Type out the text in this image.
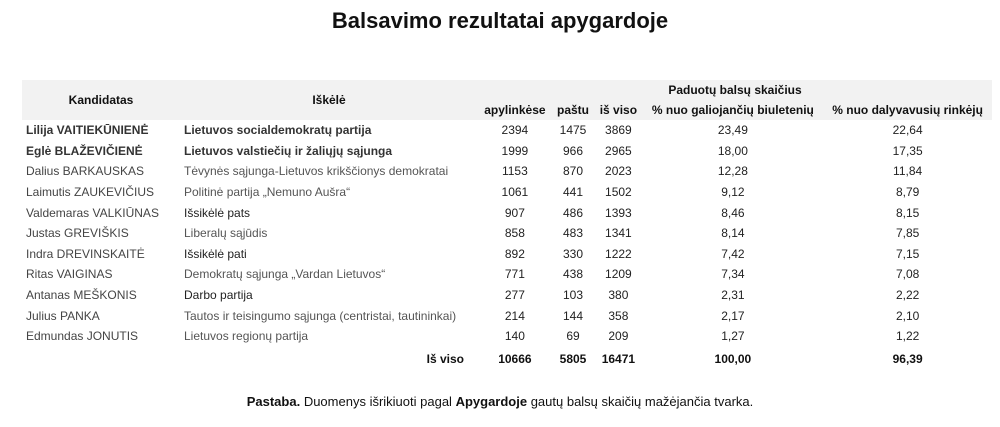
Balsavimo rezultatai apygardoje
Kandidatas	Iškėlė	Paduotų balsų skaičius				
		apylinkėse	paštu	iš viso	% nuo galiojančių biuletenių	% nuo dalyvavusių rinkėjų
Lilija VAITIEKŪNIENĖ	Lietuvos socialdemokratų partija	2394	1475	3869	23,49	22,64
Eglė BLAŽEVIČIENĖ	Lietuvos valstiečių ir žaliųjų sąjunga	1999	966	2965	18,00	17,35
Dalius BARKAUSKAS	Tėvynės sąjunga-Lietuvos krikščionys demokratai	1153	870	2023	12,28	11,84
Laimutis ZAUKEVIČIUS	Politinė partija „Nemuno Aušra“	1061	441	1502	9,12	8,79
Valdemaras VALKIŪNAS	Išsikėlė pats	907	486	1393	8,46	8,15
Justas GREVIŠKIS	Liberalų sąjūdis	858	483	1341	8,14	7,85
Indra DREVINSKAITĖ	Išsikėlė pati	892	330	1222	7,42	7,15
Ritas VAIGINAS	Demokratų sąjunga „Vardan Lietuvos“	771	438	1209	7,34	7,08
Antanas MEŠKONIS	Darbo partija	277	103	380	2,31	2,22
Julius PANKA	Tautos ir teisingumo sąjunga (centristai, tautininkai)	214	144	358	2,17	2,10
Edmundas JONUTIS	Lietuvos regionų partija	140	69	209	1,27	1,22
Iš viso		10666	5805	16471	100,00	96,39
Pastaba. Duomenys išrikiuoti pagal Apygardoje gautų balsų skaičių mažėjančia tvarka.
